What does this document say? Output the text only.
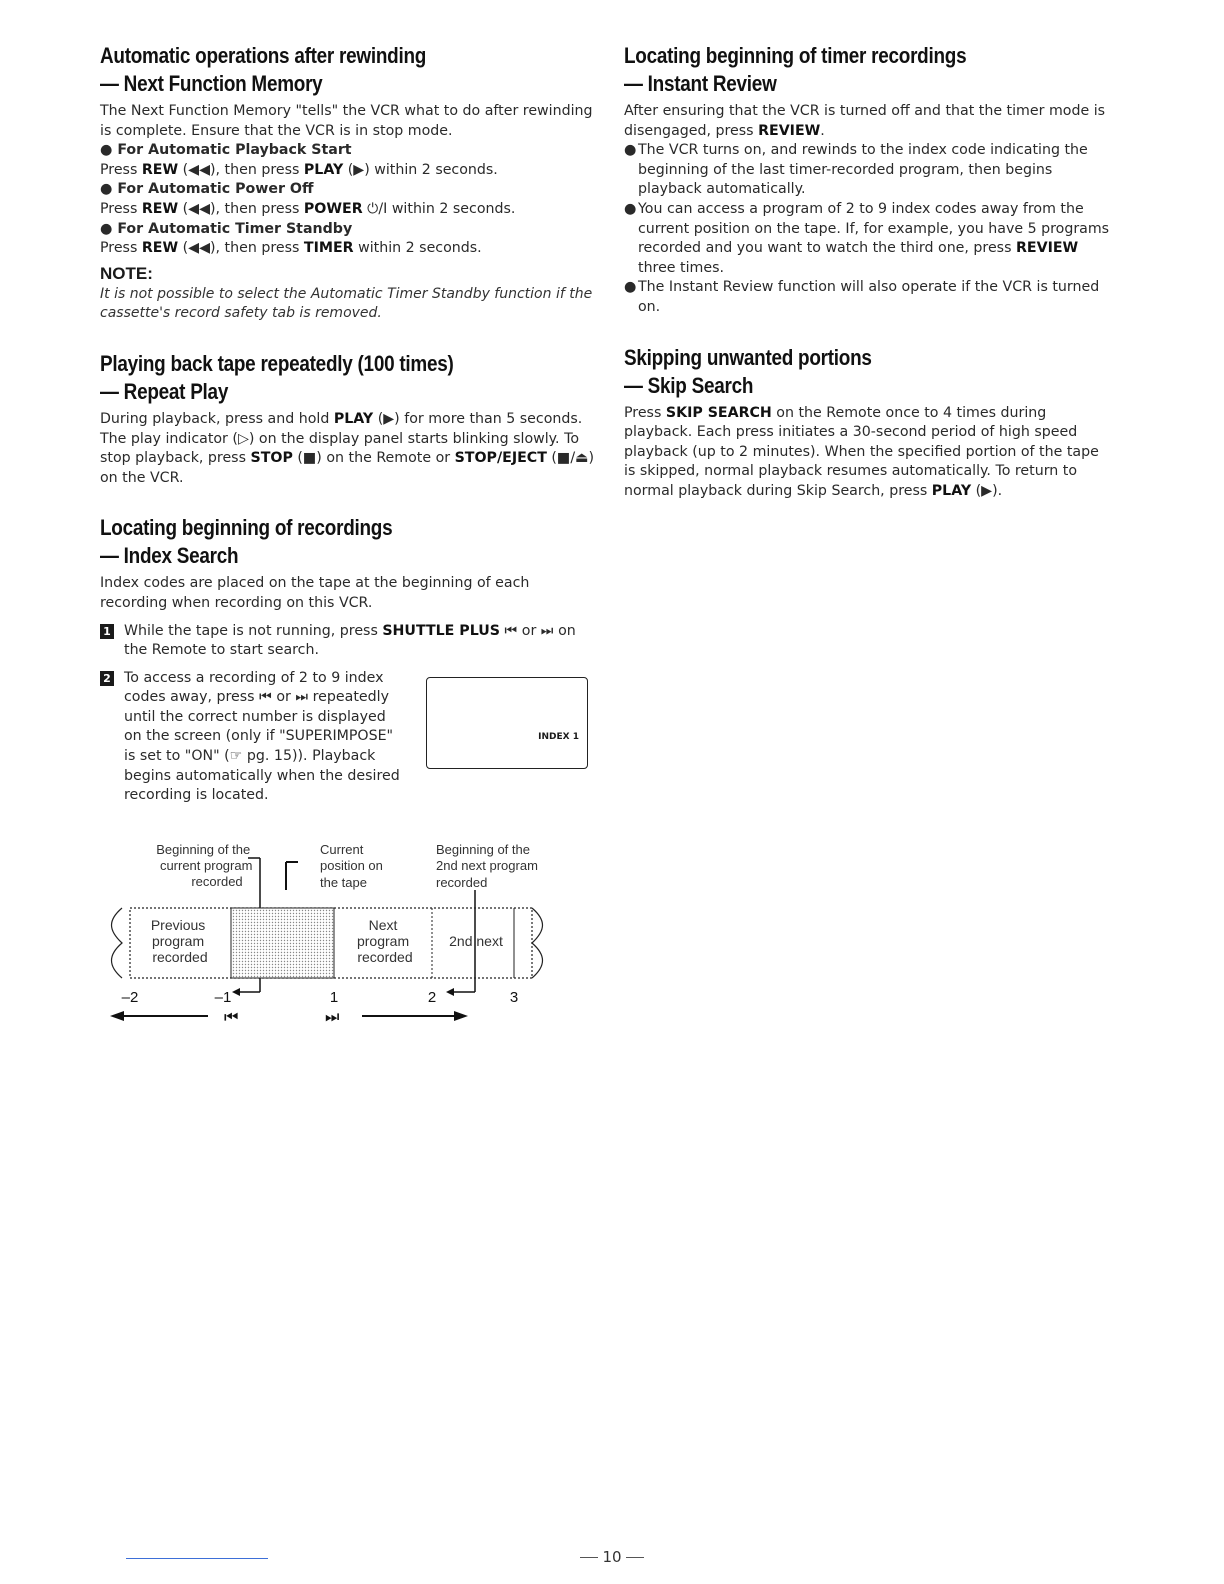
Automatic operations after rewinding
— Next Function Memory

The Next Function Memory "tells" the VCR what to do after rewinding is complete. Ensure that the VCR is in stop mode.

● For Automatic Playback Start

Press REW (◀◀), then press PLAY (▶) within 2 seconds.

● For Automatic Power Off

Press REW (◀◀), then press POWER ⏻/I within 2 seconds.

● For Automatic Timer Standby

Press REW (◀◀), then press TIMER within 2 seconds.

NOTE:

It is not possible to select the Automatic Timer Standby function if the cassette's record safety tab is removed.

Playing back tape repeatedly (100 times)
— Repeat Play

During playback, press and hold PLAY (▶) for more than 5 seconds. The play indicator (▷) on the display panel starts blinking slowly. To stop playback, press STOP (■) on the Remote or STOP/EJECT (■/⏏) on the VCR.

Locating beginning of recordings
— Index Search

Index codes are placed on the tape at the beginning of each recording when recording on this VCR.

1 While the tape is not running, press SHUTTLE PLUS ⏮ or ⏭ on the Remote to start search.
2 To access a recording of 2 to 9 index codes away, press ⏮ or ⏭ repeatedly until the correct number is displayed on the screen (only if "SUPERIMPOSE" is set to "ON" (☞ pg. 15)). Playback begins automatically when the desired recording is located.
INDEX 1
Beginning of the current program recorded
Current position on the tape
Beginning of the 2nd next program recorded
Previous program recorded
Next program recorded
2nd next
–2	–1	1	2	3
⏮	⏭
Locating beginning of timer recordings
— Instant Review

After ensuring that the VCR is turned off and that the timer mode is disengaged, press REVIEW.

● The VCR turns on, and rewinds to the index code indicating the beginning of the last timer-recorded program, then begins playback automatically.
● You can access a program of 2 to 9 index codes away from the current position on the tape. If, for example, you have 5 programs recorded and you want to watch the third one, press REVIEW three times.
● The Instant Review function will also operate if the VCR is turned on.
Skipping unwanted portions
— Skip Search

Press SKIP SEARCH on the Remote once to 4 times during playback. Each press initiates a 30-second period of high speed playback (up to 2 minutes). When the specified portion of the tape is skipped, normal playback resumes automatically. To return to normal playback during Skip Search, press PLAY (▶).

10
